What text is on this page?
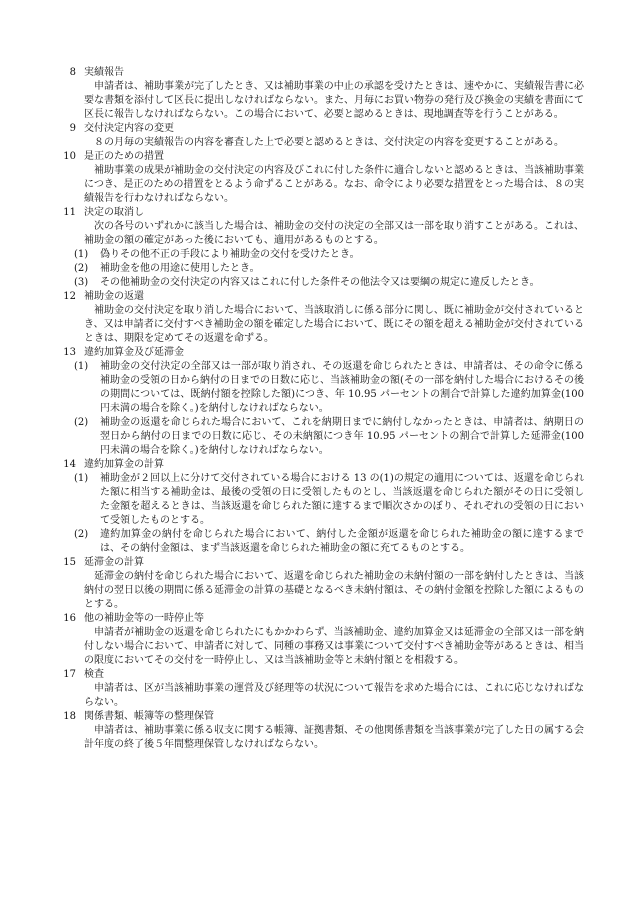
8 実績報告
申請者は、補助事業が完了したとき、又は補助事業の中止の承認を受けたときは、速やかに、実績報告書に必要な書類を添付して区長に提出しなければならない。また、月毎にお買い物券の発行及び換金の実績を書面にて区長に報告しなければならない。この場合において、必要と認めるときは、現地調査等を行うことがある。
9 交付決定内容の変更
８の月毎の実績報告の内容を審査した上で必要と認めるときは、交付決定の内容を変更することがある。
10 是正のための措置
補助事業の成果が補助金の交付決定の内容及びこれに付した条件に適合しないと認めるときは、当該補助事業につき、是正のための措置をとるよう命ずることがある。なお、命令により必要な措置をとった場合は、８の実績報告を行わなければならない。
11 決定の取消し
次の各号のいずれかに該当した場合は、補助金の交付の決定の全部又は一部を取り消すことがある。これは、補助金の額の確定があった後においても、適用があるものとする。
(1)	偽りその他不正の手段により補助金の交付を受けたとき。
(2)	補助金を他の用途に使用したとき。
(3)	その他補助金の交付決定の内容又はこれに付した条件その他法令又は要綱の規定に違反したとき。
12 補助金の返還
補助金の交付決定を取り消した場合において、当該取消しに係る部分に関し、既に補助金が交付されているとき、又は申請者に交付すべき補助金の額を確定した場合において、既にその額を超える補助金が交付されているときは、期限を定めてその返還を命ずる。
13 違約加算金及び延滞金
(1)	補助金の交付決定の全部又は一部が取り消され、その返還を命じられたときは、申請者は、その命令に係る補助金の受領の日から納付の日までの日数に応じ、当該補助金の額(その一部を納付した場合におけるその後の期間については、既納付額を控除した額)につき、年 10.95 パーセントの割合で計算した違約加算金(100 円未満の場合を除く。)を納付しなければならない。
(2)	補助金の返還を命じられた場合において、これを納期日までに納付しなかったときは、申請者は、納期日の翌日から納付の日までの日数に応じ、その未納額につき年 10.95 パーセントの割合で計算した延滞金(100 円未満の場合を除く。)を納付しなければならない。
14 違約加算金の計算
(1)	補助金が２回以上に分けて交付されている場合における 13 の(1)の規定の適用については、返還を命じられた額に相当する補助金は、最後の受領の日に受領したものとし、当該返還を命じられた額がその日に受領した金額を超えるときは、当該返還を命じられた額に達するまで順次さかのぼり、それぞれの受領の日において受領したものとする。
(2)	違約加算金の納付を命じられた場合において、納付した金額が返還を命じられた補助金の額に達するまでは、その納付金額は、まず当該返還を命じられた補助金の額に充てるものとする。
15 延滞金の計算
延滞金の納付を命じられた場合において、返還を命じられた補助金の未納付額の一部を納付したときは、当該納付の翌日以後の期間に係る延滞金の計算の基礎となるべき未納付額は、その納付金額を控除した額によるものとする。
16 他の補助金等の一時停止等
申請者が補助金の返還を命じられたにもかかわらず、当該補助金、違約加算金又は延滞金の全部又は一部を納付しない場合において、申請者に対して、同種の事務又は事業について交付すべき補助金等があるときは、相当の限度においてその交付を一時停止し、又は当該補助金等と未納付額とを相殺する。
17 検査
申請者は、区が当該補助事業の運営及び経理等の状況について報告を求めた場合には、これに応じなければならない。
18 関係書類、帳簿等の整理保管
申請者は、補助事業に係る収支に関する帳簿、証拠書類、その他関係書類を当該事業が完了した日の属する会計年度の終了後５年間整理保管しなければならない。
